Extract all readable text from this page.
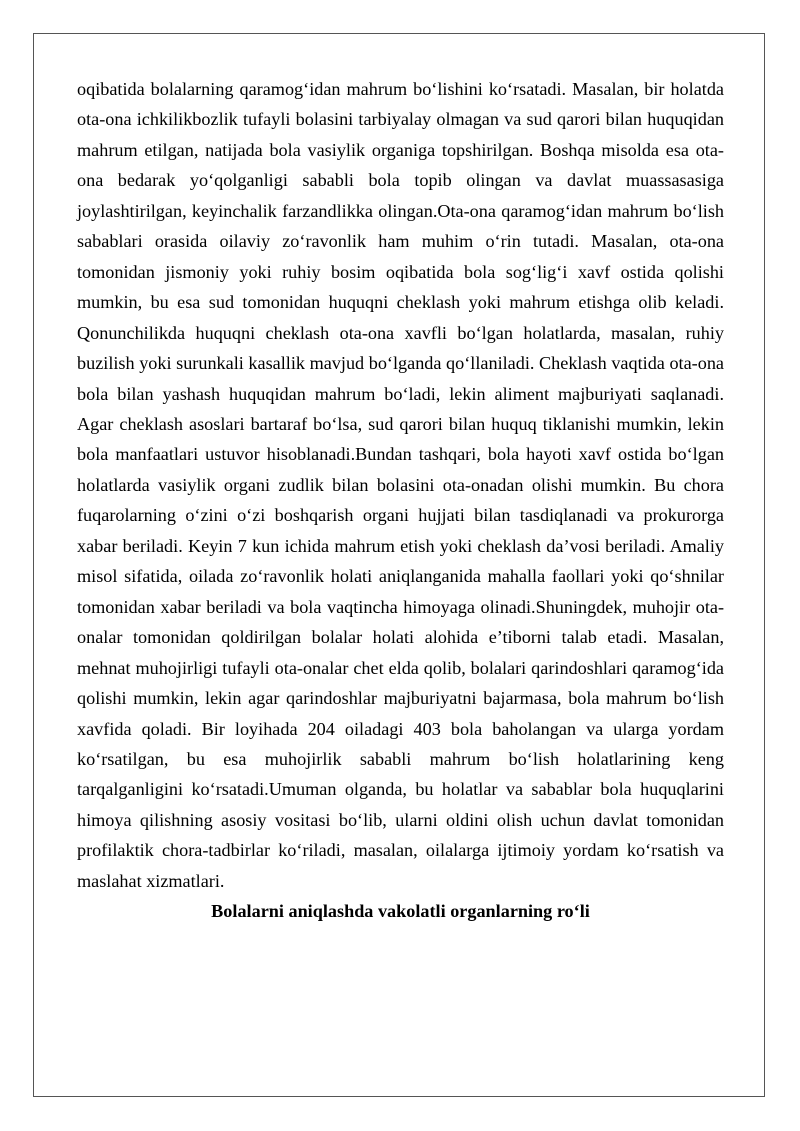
oqibatida bolalarning qaramog‘idan mahrum bo‘lishini ko‘rsatadi. Masalan, bir holatda ota-ona ichkilikbozlik tufayli bolasini tarbiyalay olmagan va sud qarori bilan huquqidan mahrum etilgan, natijada bola vasiylik organiga topshirilgan. Boshqa misolda esa ota-ona bedarak yo‘qolganligi sababli bola topib olingan va davlat muassasasiga joylashtirilgan, keyinchalik farzandlikka olingan.Ota-ona qaramog‘idan mahrum bo‘lish sabablari orasida oilaviy zo‘ravonlik ham muhim o‘rin tutadi. Masalan, ota-ona tomonidan jismoniy yoki ruhiy bosim oqibatida bola sog‘lig‘i xavf ostida qolishi mumkin, bu esa sud tomonidan huquqni cheklash yoki mahrum etishga olib keladi. Qonunchilikda huquqni cheklash ota-ona xavfli bo‘lgan holatlarda, masalan, ruhiy buzilish yoki surunkali kasallik mavjud bo‘lganda qo‘llaniladi. Cheklash vaqtida ota-ona bola bilan yashash huquqidan mahrum bo‘ladi, lekin aliment majburiyati saqlanadi. Agar cheklash asoslari bartaraf bo‘lsa, sud qarori bilan huquq tiklanishi mumkin, lekin bola manfaatlari ustuvor hisoblanadi.Bundan tashqari, bola hayoti xavf ostida bo‘lgan holatlarda vasiylik organi zudlik bilan bolasini ota-onadan olishi mumkin. Bu chora fuqarolarning o‘zini o‘zi boshqarish organi hujjati bilan tasdiqlanadi va prokurorga xabar beriladi. Keyin 7 kun ichida mahrum etish yoki cheklash da’vosi beriladi. Amaliy misol sifatida, oilada zo‘ravonlik holati aniqlanganida mahalla faollari yoki qo‘shnilar tomonidan xabar beriladi va bola vaqtincha himoyaga olinadi.Shuningdek, muhojir ota-onalar tomonidan qoldirilgan bolalar holati alohida e’tiborni talab etadi. Masalan, mehnat muhojirligi tufayli ota-onalar chet elda qolib, bolalari qarindoshlari qaramog‘ida qolishi mumkin, lekin agar qarindoshlar majburiyatni bajarmasa, bola mahrum bo‘lish xavfida qoladi. Bir loyihada 204 oiladagi 403 bola baholangan va ularga yordam ko‘rsatilgan, bu esa muhojirlik sababli mahrum bo‘lish holatlarining keng tarqalganligini ko‘rsatadi.Umuman olganda, bu holatlar va sabablar bola huquqlarini himoya qilishning asosiy vositasi bo‘lib, ularni oldini olish uchun davlat tomonidan profilaktik chora-tadbirlar ko‘riladi, masalan, oilalarga ijtimoiy yordam ko‘rsatish va maslahat xizmatlari.

Bolalarni aniqlashda vakolatli organlarning ro‘li
